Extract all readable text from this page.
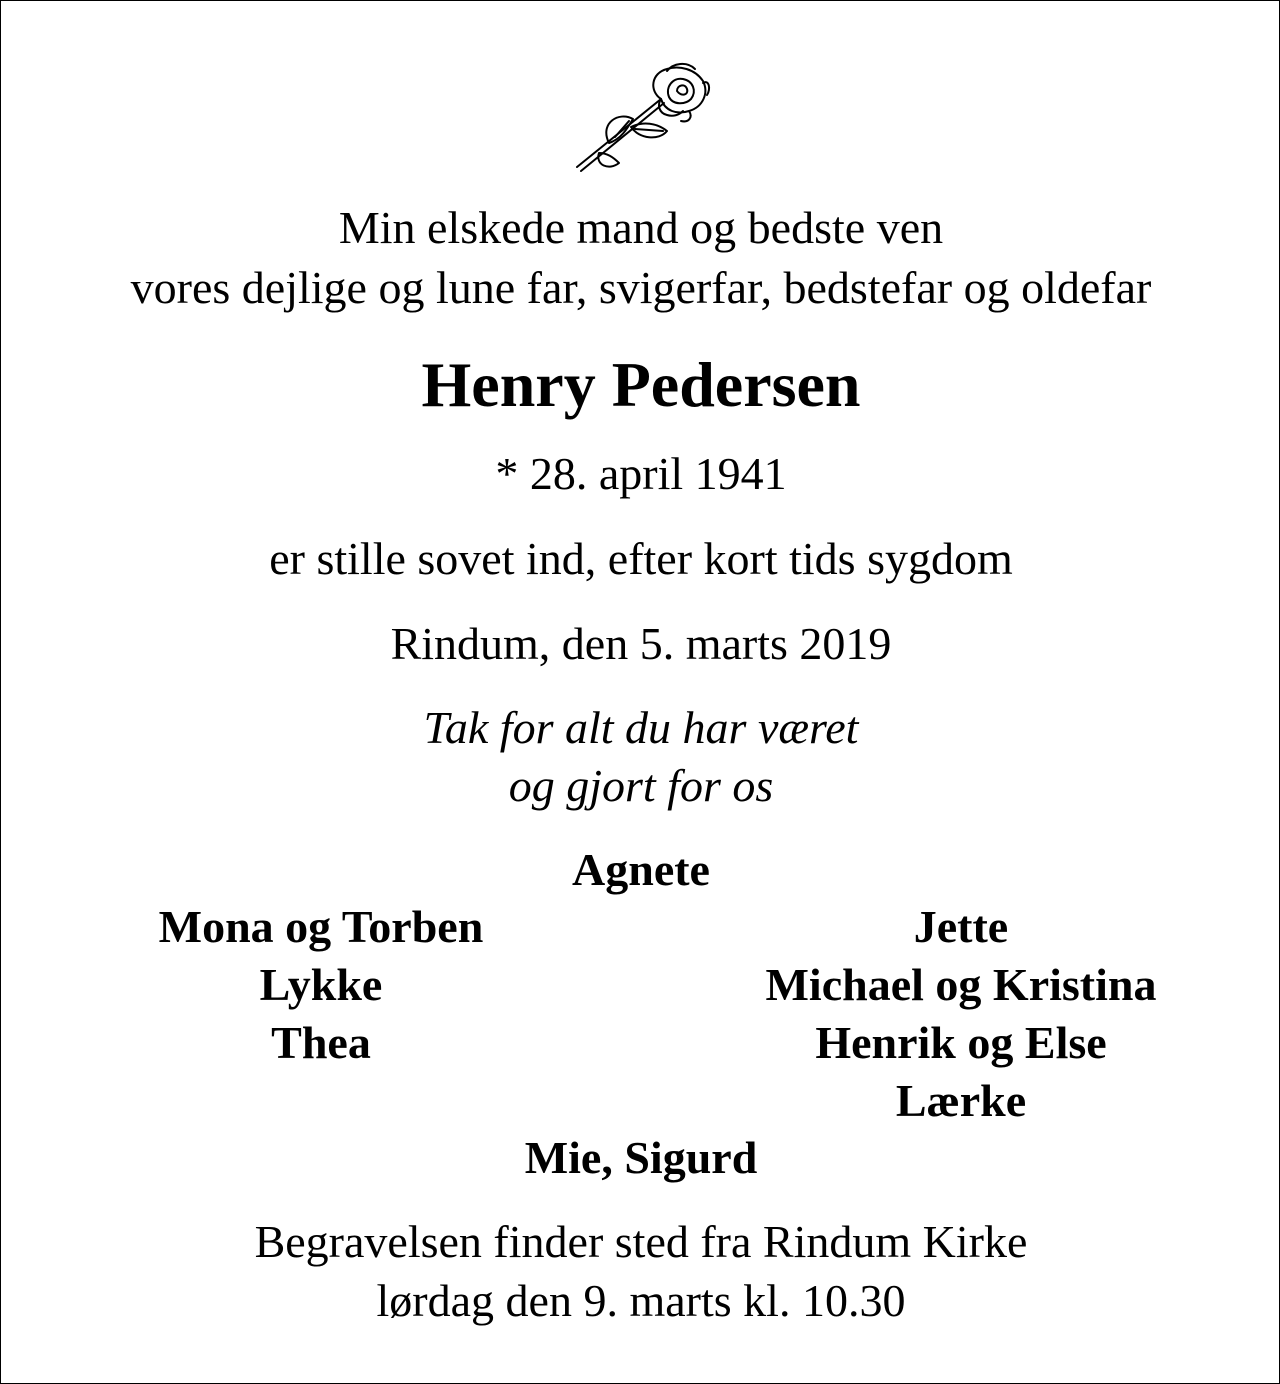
Min elskede mand og bedste ven
vores dejlige og lune far, svigerfar, bedstefar og oldefar
Henry Pedersen
* 28. april 1941
er stille sovet ind, efter kort tids sygdom
Rindum, den 5. marts 2019
Tak for alt du har været
og gjort for os
Agnete
Mona og Torben
Lykke
Thea
Jette
Michael og Kristina
Henrik og Else
Lærke
Mie, Sigurd
Begravelsen finder sted fra Rindum Kirke
lørdag den 9. marts kl. 10.30
